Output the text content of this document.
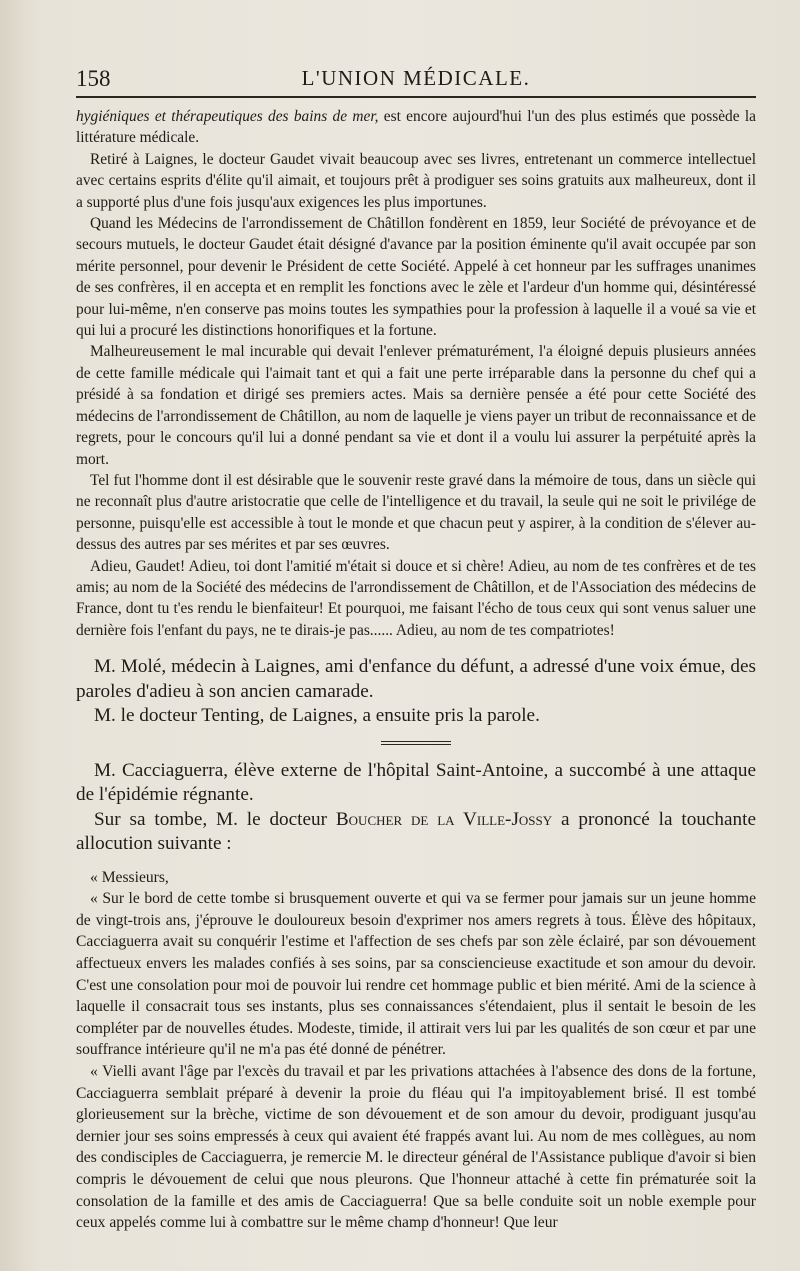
158	L'UNION MÉDICALE.

hygiéniques et thérapeutiques des bains de mer, est encore aujourd'hui l'un des plus estimés que possède la littérature médicale.

Retiré à Laignes, le docteur Gaudet vivait beaucoup avec ses livres, entretenant un commerce intellectuel avec certains esprits d'élite qu'il aimait, et toujours prêt à prodiguer ses soins gratuits aux malheureux, dont il a supporté plus d'une fois jusqu'aux exigences les plus importunes.

Quand les Médecins de l'arrondissement de Châtillon fondèrent en 1859, leur Société de prévoyance et de secours mutuels, le docteur Gaudet était désigné d'avance par la position éminente qu'il avait occupée par son mérite personnel, pour devenir le Président de cette Société. Appelé à cet honneur par les suffrages unanimes de ses confrères, il en accepta et en remplit les fonctions avec le zèle et l'ardeur d'un homme qui, désintéressé pour lui-même, n'en conserve pas moins toutes les sympathies pour la profession à laquelle il a voué sa vie et qui lui a procuré les distinctions honorifiques et la fortune.

Malheureusement le mal incurable qui devait l'enlever prématurément, l'a éloigné depuis plusieurs années de cette famille médicale qui l'aimait tant et qui a fait une perte irréparable dans la personne du chef qui a présidé à sa fondation et dirigé ses premiers actes. Mais sa dernière pensée a été pour cette Société des médecins de l'arrondissement de Châtillon, au nom de laquelle je viens payer un tribut de reconnaissance et de regrets, pour le concours qu'il lui a donné pendant sa vie et dont il a voulu lui assurer la perpétuité après la mort.

Tel fut l'homme dont il est désirable que le souvenir reste gravé dans la mémoire de tous, dans un siècle qui ne reconnaît plus d'autre aristocratie que celle de l'intelligence et du travail, la seule qui ne soit le privilége de personne, puisqu'elle est accessible à tout le monde et que chacun peut y aspirer, à la condition de s'élever au-dessus des autres par ses mérites et par ses œuvres.

Adieu, Gaudet! Adieu, toi dont l'amitié m'était si douce et si chère! Adieu, au nom de tes confrères et de tes amis; au nom de la Société des médecins de l'arrondissement de Châtillon, et de l'Association des médecins de France, dont tu t'es rendu le bienfaiteur! Et pourquoi, me faisant l'écho de tous ceux qui sont venus saluer une dernière fois l'enfant du pays, ne te dirais-je pas...... Adieu, au nom de tes compatriotes!

M. Molé, médecin à Laignes, ami d'enfance du défunt, a adressé d'une voix émue, des paroles d'adieu à son ancien camarade.

M. le docteur Tenting, de Laignes, a ensuite pris la parole.

M. Cacciaguerra, élève externe de l'hôpital Saint-Antoine, a succombé à une attaque de l'épidémie régnante.

Sur sa tombe, M. le docteur Boucher de la Ville-Jossy a prononcé la touchante allocution suivante :

« Messieurs,

« Sur le bord de cette tombe si brusquement ouverte et qui va se fermer pour jamais sur un jeune homme de vingt-trois ans, j'éprouve le douloureux besoin d'exprimer nos amers regrets à tous. Élève des hôpitaux, Cacciaguerra avait su conquérir l'estime et l'affection de ses chefs par son zèle éclairé, par son dévouement affectueux envers les malades confiés à ses soins, par sa consciencieuse exactitude et son amour du devoir. C'est une consolation pour moi de pouvoir lui rendre cet hommage public et bien mérité. Ami de la science à laquelle il consacrait tous ses instants, plus ses connaissances s'étendaient, plus il sentait le besoin de les compléter par de nouvelles études. Modeste, timide, il attirait vers lui par les qualités de son cœur et par une souffrance intérieure qu'il ne m'a pas été donné de pénétrer.

« Vielli avant l'âge par l'excès du travail et par les privations attachées à l'absence des dons de la fortune, Cacciaguerra semblait préparé à devenir la proie du fléau qui l'a impitoyablement brisé. Il est tombé glorieusement sur la brèche, victime de son dévouement et de son amour du devoir, prodiguant jusqu'au dernier jour ses soins empressés à ceux qui avaient été frappés avant lui. Au nom de mes collègues, au nom des condisciples de Cacciaguerra, je remercie M. le directeur général de l'Assistance publique d'avoir si bien compris le dévouement de celui que nous pleurons. Que l'honneur attaché à cette fin prématurée soit la consolation de la famille et des amis de Cacciaguerra! Que sa belle conduite soit un noble exemple pour ceux appelés comme lui à combattre sur le même champ d'honneur! Que leur
